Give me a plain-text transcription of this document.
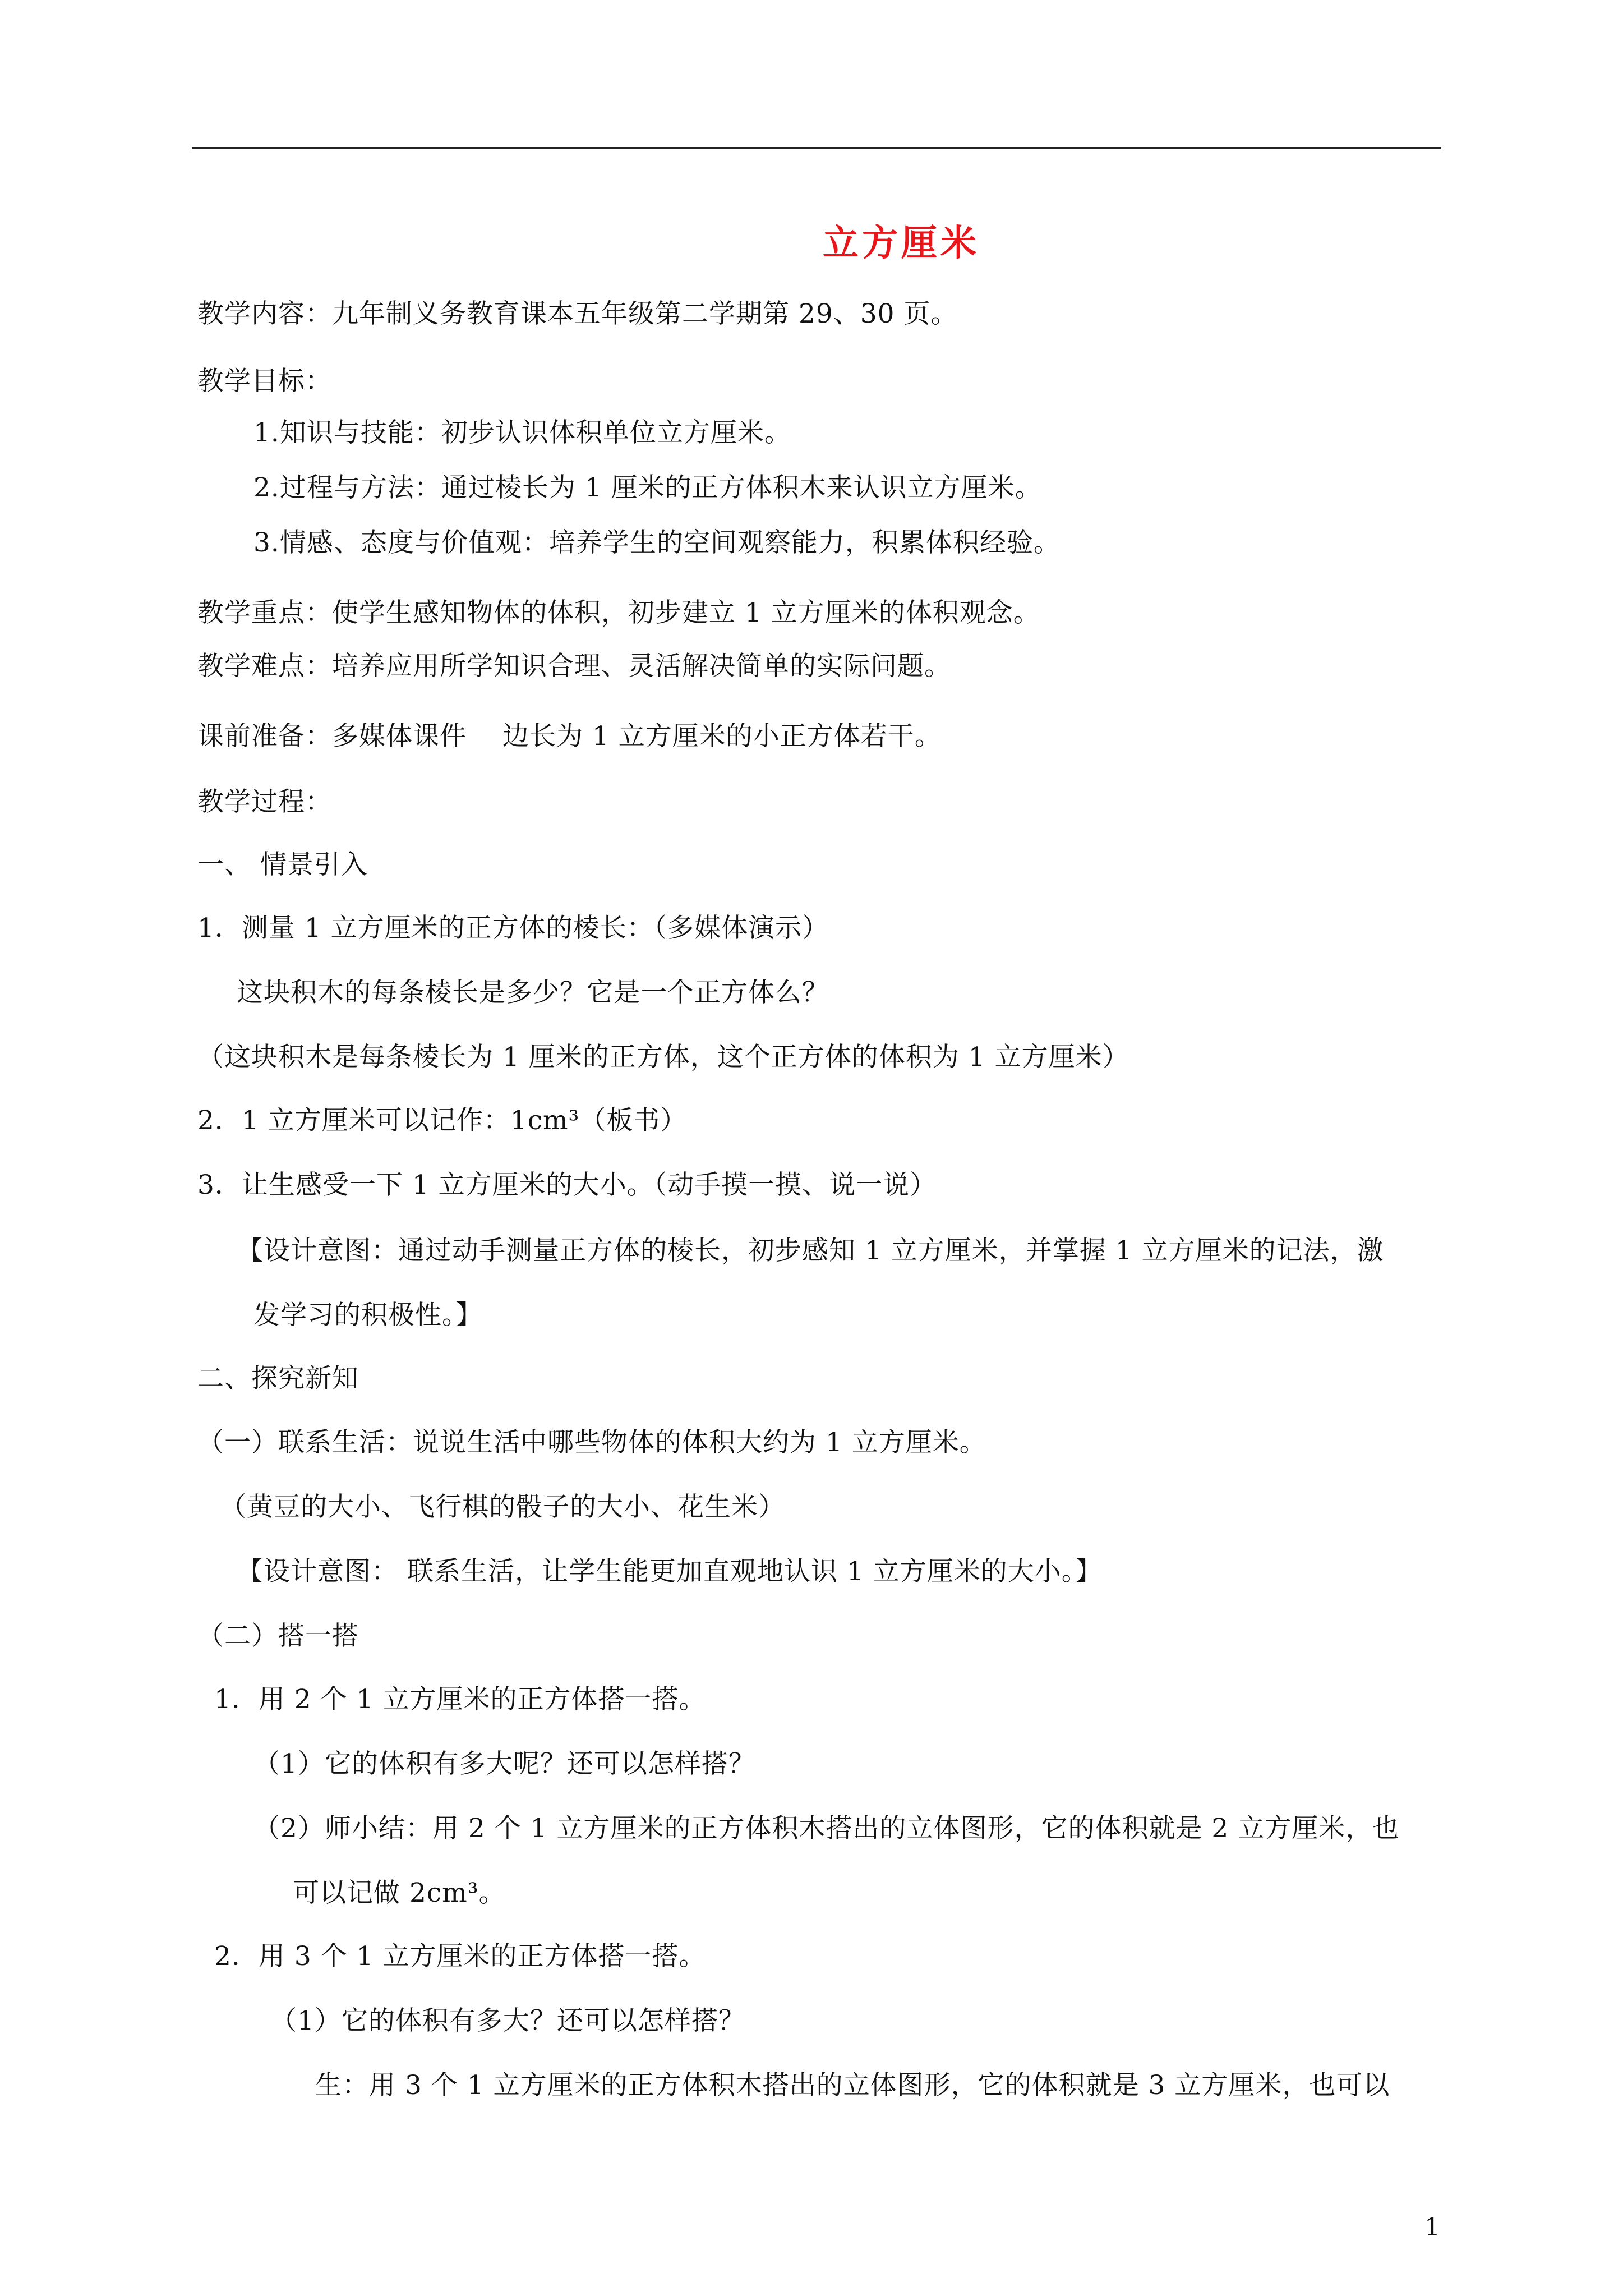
立方厘米
教学内容：九年制义务教育课本五年级第二学期第 29、30 页。
教学目标：
1.知识与技能：初步认识体积单位立方厘米。
2.过程与方法：通过棱长为 1 厘米的正方体积木来认识立方厘米。
3.情感、态度与价值观：培养学生的空间观察能力，积累体积经验。
教学重点：使学生感知物体的体积，初步建立 1 立方厘米的体积观念。
教学难点：培养应用所学知识合理、灵活解决简单的实际问题。
课前准备：多媒体课件　 边长为 1 立方厘米的小正方体若干。
教学过程：
一、 情景引入
1．测量 1 立方厘米的正方体的棱长：（多媒体演示）
这块积木的每条棱长是多少？它是一个正方体么？
（这块积木是每条棱长为 1 厘米的正方体，这个正方体的体积为 1 立方厘米）
2．1 立方厘米可以记作：1cm³（板书）
3．让生感受一下 1 立方厘米的大小。（动手摸一摸、说一说）
【设计意图：通过动手测量正方体的棱长，初步感知 1 立方厘米，并掌握 1 立方厘米的记法，激
发学习的积极性。】
二、探究新知
（一）联系生活：说说生活中哪些物体的体积大约为 1 立方厘米。
（黄豆的大小、飞行棋的骰子的大小、花生米）
【设计意图： 联系生活，让学生能更加直观地认识 1 立方厘米的大小。】
（二）搭一搭
1．用 2 个 1 立方厘米的正方体搭一搭。
（1）它的体积有多大呢？还可以怎样搭？
（2）师小结：用 2 个 1 立方厘米的正方体积木搭出的立体图形，它的体积就是 2 立方厘米，也
可以记做 2cm³。
2．用 3 个 1 立方厘米的正方体搭一搭。
（1）它的体积有多大？还可以怎样搭？
生：用 3 个 1 立方厘米的正方体积木搭出的立体图形，它的体积就是 3 立方厘米，也可以
1
